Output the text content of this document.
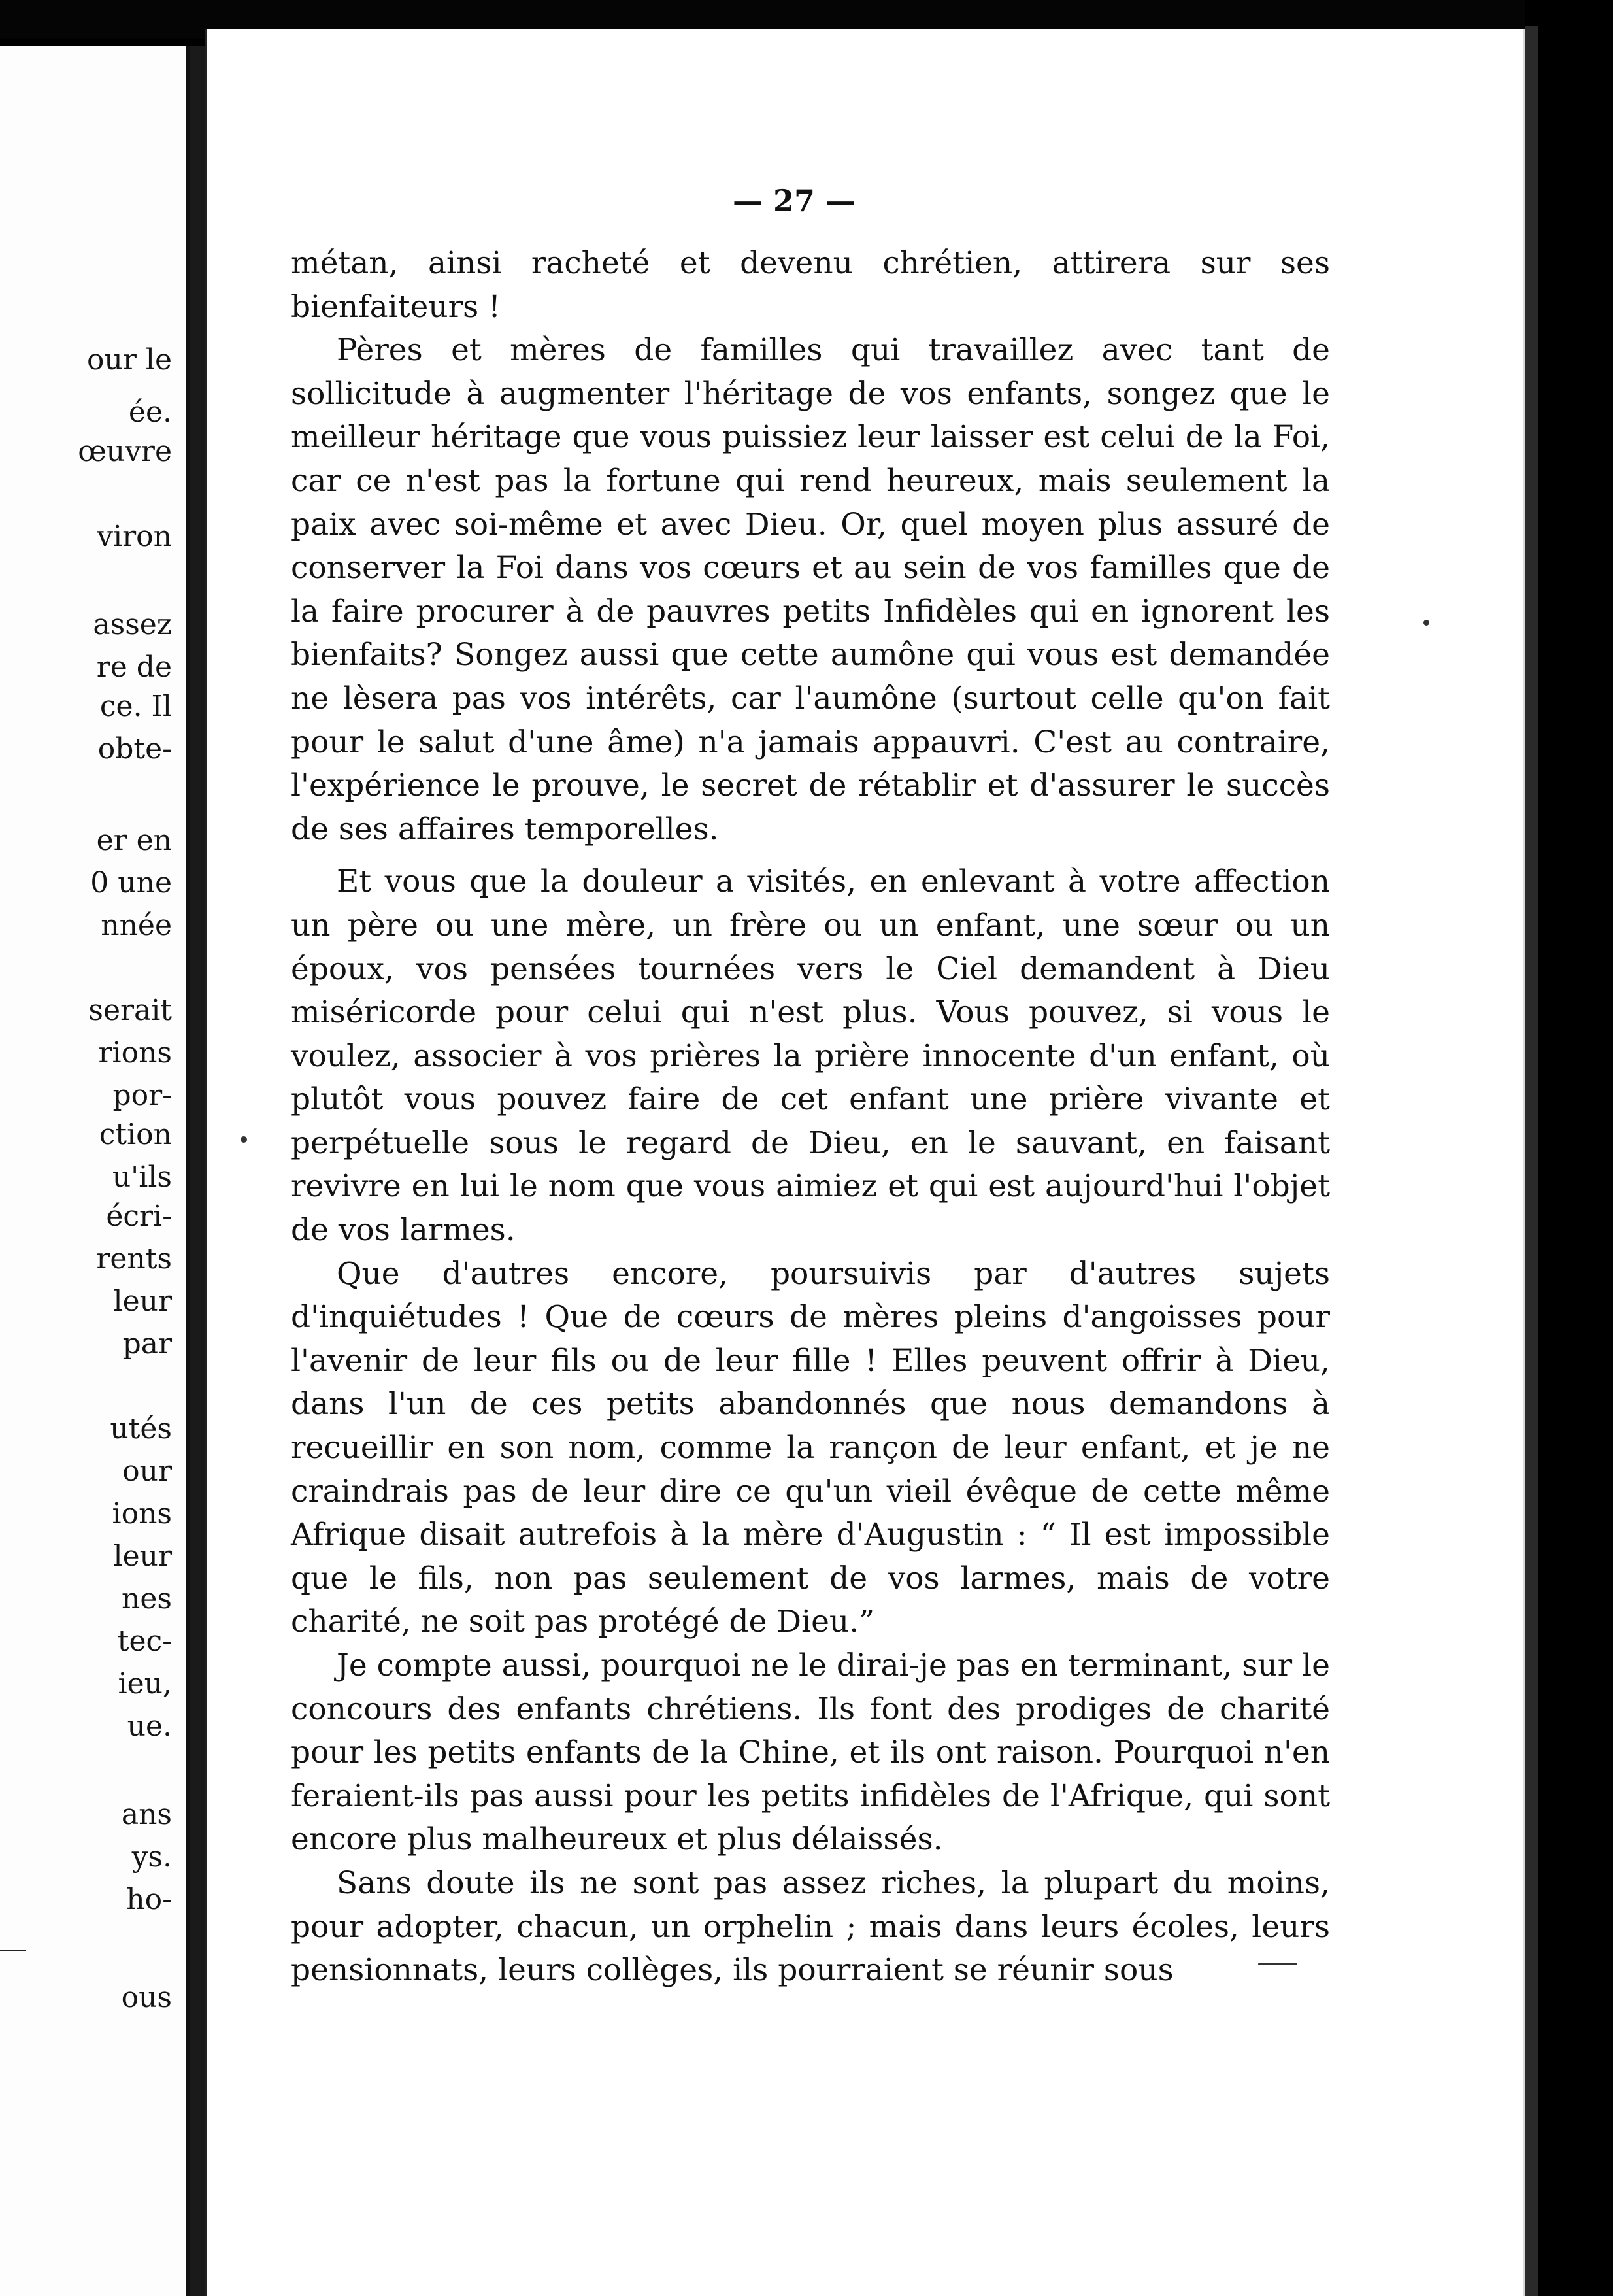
our le
ée.
œuvre
viron
assez
re de
ce. Il
obte-
er en
0 une
nnée
serait
rions
por-
ction
u'ils
écri-
rents
leur
par
utés
our
ions
leur
nes
tec-
ieu,
ue.
ans
ys.
ho-
ous
— 27 —

métan, ainsi racheté et devenu chrétien, attirera sur ses bienfaiteurs !

Pères et mères de familles qui travaillez avec tant de sollicitude à augmenter l'héritage de vos enfants, songez que le meilleur héritage que vous puissiez leur laisser est celui de la Foi, car ce n'est pas la fortune qui rend heureux, mais seulement la paix avec soi-même et avec Dieu. Or, quel moyen plus assuré de conserver la Foi dans vos cœurs et au sein de vos familles que de la faire procurer à de pauvres petits Infidèles qui en ignorent les bienfaits? Songez aussi que cette aumône qui vous est demandée ne lèsera pas vos intérêts, car l'aumône (surtout celle qu'on fait pour le salut d'une âme) n'a jamais appauvri. C'est au contraire, l'expérience le prouve, le secret de rétablir et d'assurer le succès de ses affaires temporelles.

Et vous que la douleur a visités, en enlevant à votre affection un père ou une mère, un frère ou un enfant, une sœur ou un époux, vos pensées tournées vers le Ciel demandent à Dieu miséricorde pour celui qui n'est plus. Vous pouvez, si vous le voulez, associer à vos prières la prière innocente d'un enfant, où plutôt vous pouvez faire de cet enfant une prière vivante et perpétuelle sous le regard de Dieu, en le sauvant, en faisant revivre en lui le nom que vous aimiez et qui est aujourd'hui l'objet de vos larmes.

Que d'autres encore, poursuivis par d'autres sujets d'inquiétudes ! Que de cœurs de mères pleins d'angoisses pour l'avenir de leur fils ou de leur fille ! Elles peuvent offrir à Dieu, dans l'un de ces petits abandonnés que nous demandons à recueillir en son nom, comme la rançon de leur enfant, et je ne craindrais pas de leur dire ce qu'un vieil évêque de cette même Afrique disait autrefois à la mère d'Augustin : “ Il est impossible que le fils, non pas seulement de vos larmes, mais de votre charité, ne soit pas protégé de Dieu.”

Je compte aussi, pourquoi ne le dirai-je pas en terminant, sur le concours des enfants chrétiens. Ils font des prodiges de charité pour les petits enfants de la Chine, et ils ont raison. Pourquoi n'en feraient-ils pas aussi pour les petits infidèles de l'Afrique, qui sont encore plus malheureux et plus délaissés.

Sans doute ils ne sont pas assez riches, la plupart du moins, pour adopter, chacun, un orphelin ; mais dans leurs écoles, leurs pensionnats, leurs collèges, ils pourraient se réunir sous
